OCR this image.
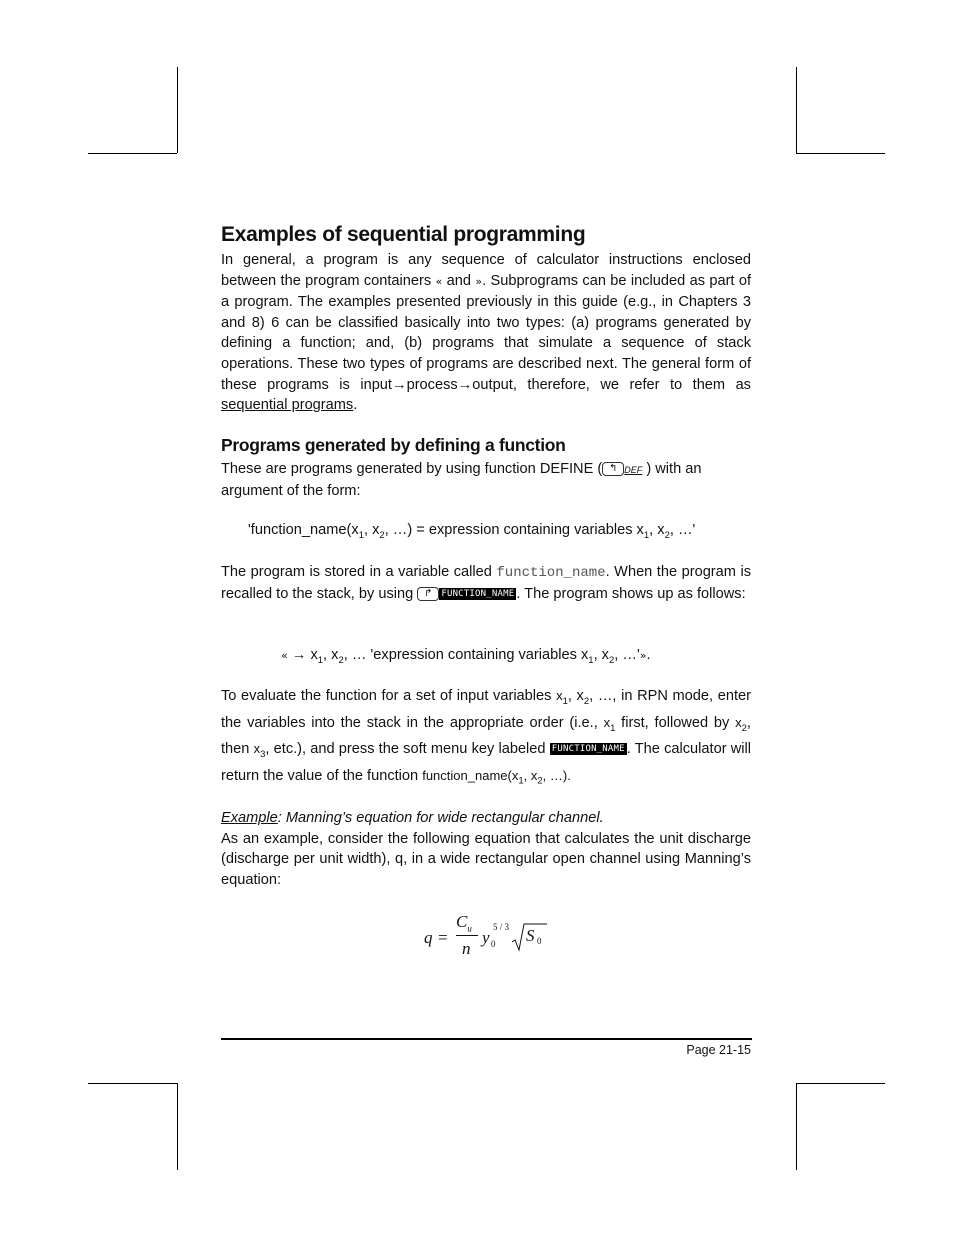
Examples of sequential programming

In general, a program is any sequence of calculator instructions enclosed between the program containers « and ». Subprograms can be included as part of a program. The examples presented previously in this guide (e.g., in Chapters 3 and 8) 6 can be classified basically into two types: (a) programs generated by defining a function; and, (b) programs that simulate a sequence of stack operations. These two types of programs are described next. The general form of these programs is input→process→output, therefore, we refer to them as sequential programs.

Programs generated by defining a function

These are programs generated by using function DEFINE ( ↰ DEF ) with an argument of the form:

'$function\_name(x_1$, $x_2$, …) = expression containing variables $x_1$, $x_2$, …'

The program is stored in a variable called function_name. When the program is recalled to the stack, by using ↱ FUNCTION_NAME . The program shows up as follows:

« → $x_1$, $x_2$, … 'expression containing variables $x_1$, $x_2$, …'».

To evaluate the function for a set of input variables $x_1$, $x_2$, …, in RPN mode, enter the variables into the stack in the appropriate order (i.e., $x_1$ first, followed by $x_2$, then $x_3$, etc.), and press the soft menu key labeled FUNCTION_NAME . The calculator will return the value of the function $function\_name(x_1$, $x_2$, …).

Example: Manning’s equation for wide rectangular channel.

As an example, consider the following equation that calculates the unit discharge (discharge per unit width), q, in a wide rectangular open channel using Manning’s equation:

q =
$C_u$
n
y
5 / 3
0 S 0
Page 21-15
